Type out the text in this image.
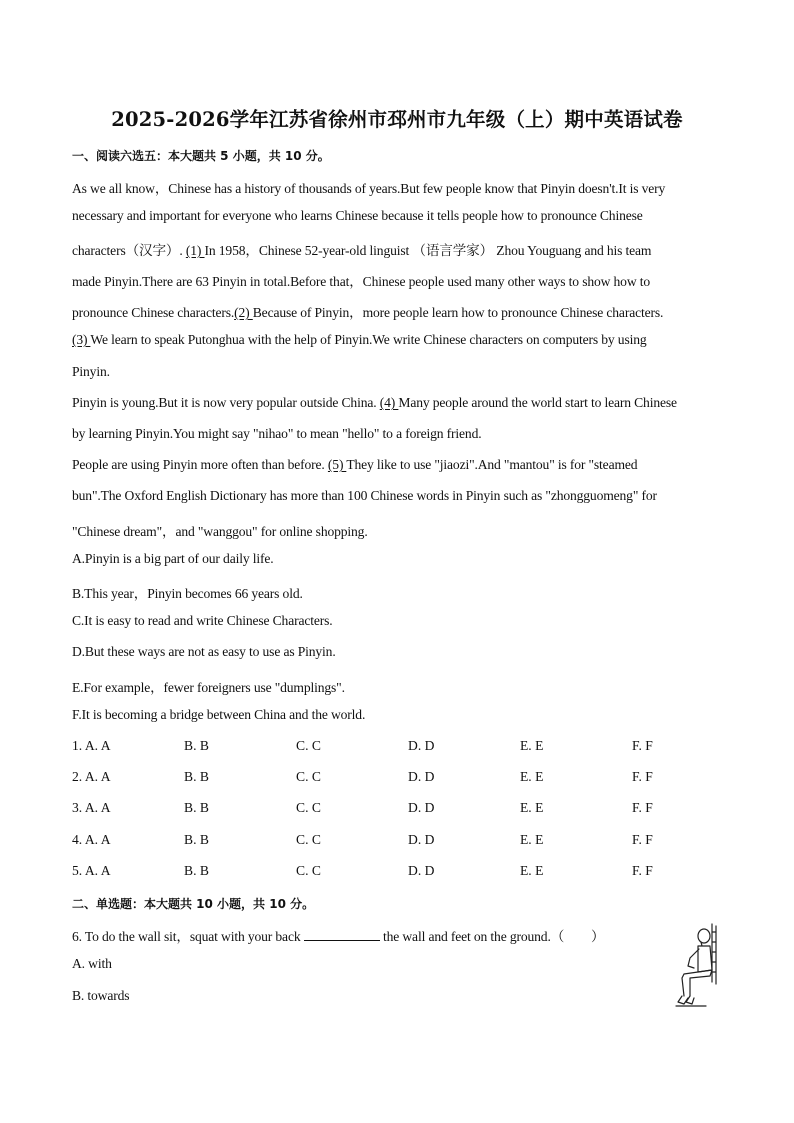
2025-2026学年江苏省徐州市邳州市九年级（上）期中英语试卷
一、阅读六选五：本大题共 5 小题，共 10 分。
As we all know，Chinese has a history of thousands of years.But few people know that Pinyin doesn't.It is very
necessary and important for everyone who learns Chinese because it tells people how to pronounce Chinese
characters（汉字）. (1) In 1958，Chinese 52-year-old linguist （语言学家） Zhou Youguang and his team
made Pinyin.There are 63 Pinyin in total.Before that，Chinese people used many other ways to show how to
pronounce Chinese characters.(2) Because of Pinyin，more people learn how to pronounce Chinese characters.
(3) We learn to speak Putonghua with the help of Pinyin.We write Chinese characters on computers by using
Pinyin.
Pinyin is young.But it is now very popular outside China. (4) Many people around the world start to learn Chinese
by learning Pinyin.You might say "nihao" to mean "hello" to a foreign friend.
People are using Pinyin more often than before. (5) They like to use "jiaozi".And "mantou" is for "steamed
bun".The Oxford English Dictionary has more than 100 Chinese words in Pinyin such as "zhongguomeng" for
"Chinese dream"，and "wanggou" for online shopping.
A.Pinyin is a big part of our daily life.
B.This year，Pinyin becomes 66 years old.
C.It is easy to read and write Chinese Characters.
D.But these ways are not as easy to use as Pinyin.
E.For example，fewer foreigners use "dumplings".
F.It is becoming a bridge between China and the world.
1. A. A	B. B	C. C	D. D	E. E	F. F
2. A. A	B. B	C. C	D. D	E. E	F. F
3. A. A	B. B	C. C	D. D	E. E	F. F
4. A. A	B. B	C. C	D. D	E. E	F. F
5. A. A	B. B	C. C	D. D	E. E	F. F
二、单选题：本大题共 10 小题，共 10 分。
6. To do the wall sit，squat with your back	the wall and feet on the ground.（　　）
A. with
B. towards
